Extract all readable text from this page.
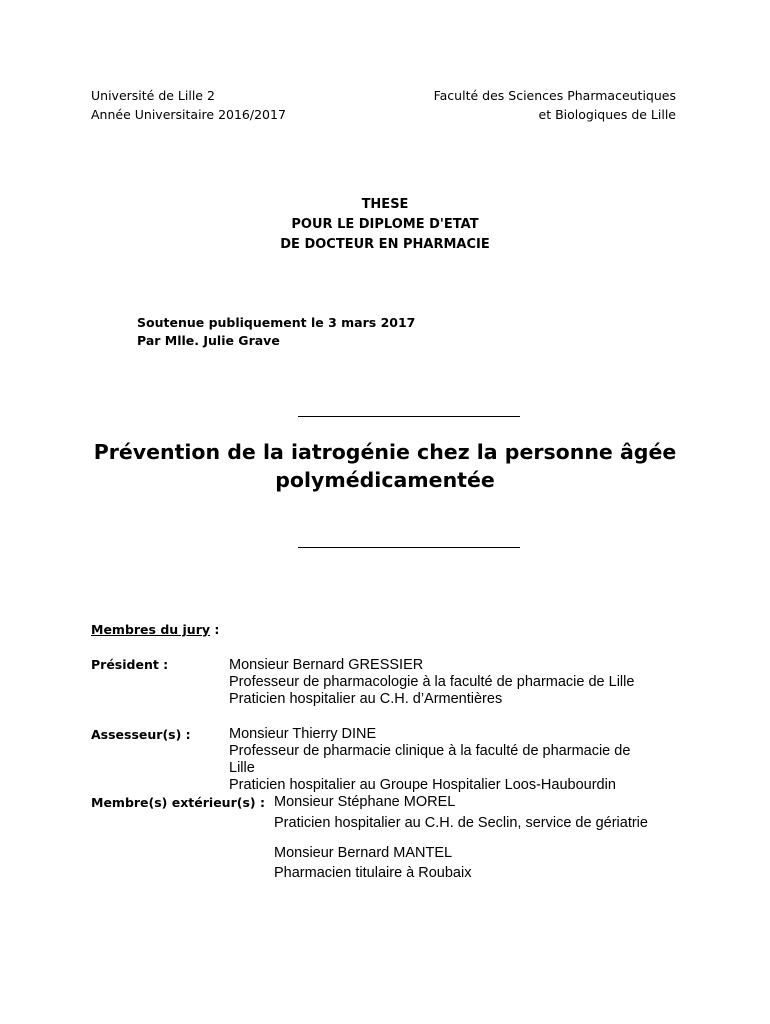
Université de Lille 2
Année Universitaire 2016/2017
Faculté des Sciences Pharmaceutiques
et Biologiques de Lille
THESE
POUR LE DIPLOME D'ETAT
DE DOCTEUR EN PHARMACIE
Soutenue publiquement le 3 mars 2017
Par Mlle. Julie Grave
Prévention de la iatrogénie chez la personne âgée
polymédicamentée
Membres du jury :
Président :	Monsieur Bernard GRESSIER
Professeur de pharmacologie à la faculté de pharmacie de Lille
Praticien hospitalier au C.H. d’Armentières
Assesseur(s) :	Monsieur Thierry DINE
Professeur de pharmacie clinique à la faculté de pharmacie de
Lille
Praticien hospitalier au Groupe Hospitalier Loos-Haubourdin
Membre(s) extérieur(s) : Monsieur Stéphane MOREL
Praticien hospitalier au C.H. de Seclin, service de gériatrie
Monsieur Bernard MANTEL
Pharmacien titulaire à Roubaix
